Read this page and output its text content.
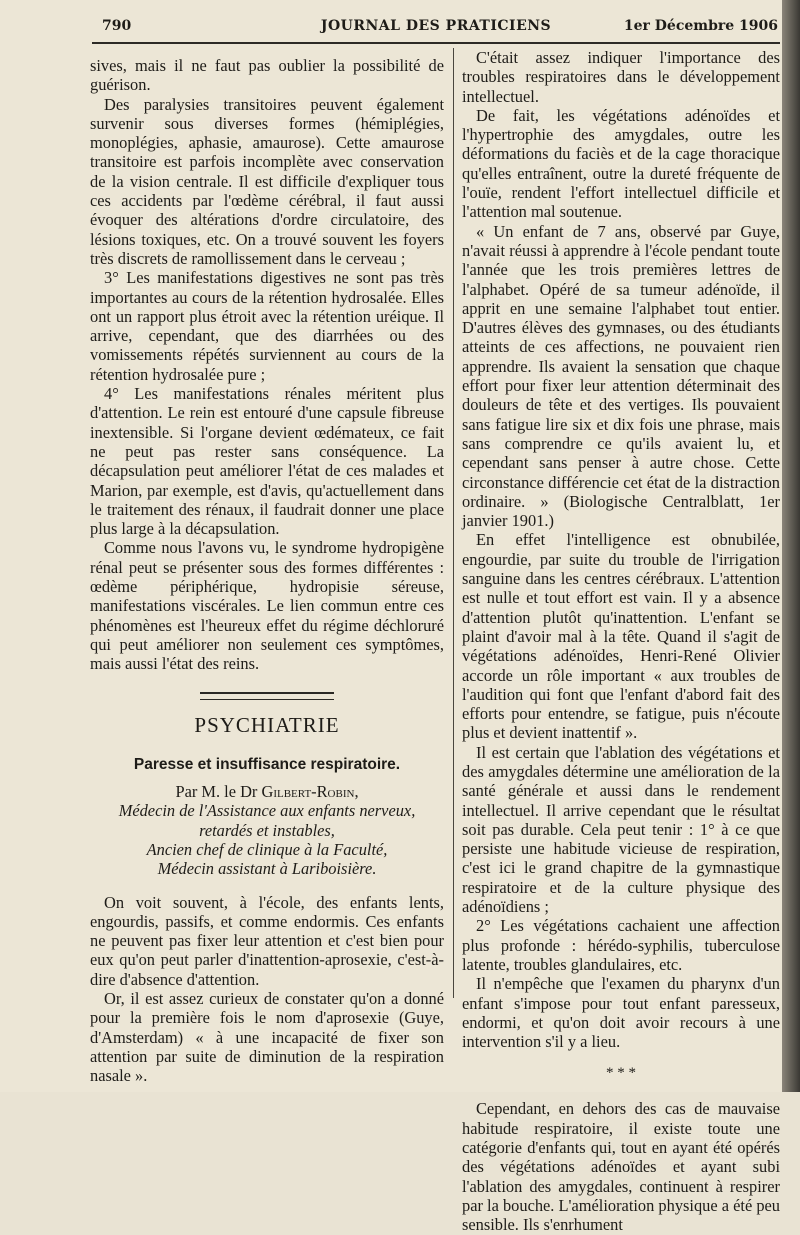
790	JOURNAL DES PRATICIENS	1er Décembre 1906

sives, mais il ne faut pas oublier la possibilité de guérison.

Des paralysies transitoires peuvent également survenir sous diverses formes (hémiplégies, monoplégies, aphasie, amaurose). Cette amaurose transitoire est parfois incomplète avec conservation de la vision centrale. Il est difficile d'expliquer tous ces accidents par l'œdème cérébral, il faut aussi évoquer des altérations d'ordre circulatoire, des lésions toxiques, etc. On a trouvé souvent les foyers très discrets de ramollissement dans le cerveau ;

3° Les manifestations digestives ne sont pas très importantes au cours de la rétention hydrosalée. Elles ont un rapport plus étroit avec la rétention uréique. Il arrive, cependant, que des diarrhées ou des vomissements répétés surviennent au cours de la rétention hydrosalée pure ;

4° Les manifestations rénales méritent plus d'attention. Le rein est entouré d'une capsule fibreuse inextensible. Si l'organe devient œdémateux, ce fait ne peut pas rester sans conséquence. La décapsulation peut améliorer l'état de ces malades et Marion, par exemple, est d'avis, qu'actuellement dans le traitement des rénaux, il faudrait donner une place plus large à la décapsulation.

Comme nous l'avons vu, le syndrome hydropigène rénal peut se présenter sous des formes différentes : œdème périphérique, hydropisie séreuse, manifestations viscérales. Le lien commun entre ces phénomènes est l'heureux effet du régime déchloruré qui peut améliorer non seulement ces symptômes, mais aussi l'état des reins.

PSYCHIATRIE
Paresse et insuffisance respiratoire.
Par M. le Dr Gilbert-Robin,
Médecin de l'Assistance aux enfants nerveux,
retardés et instables,
Ancien chef de clinique à la Faculté,
Médecin assistant à Lariboisière.

On voit souvent, à l'école, des enfants lents, engourdis, passifs, et comme endormis. Ces enfants ne peuvent pas fixer leur attention et c'est bien pour eux qu'on peut parler d'inattention-aprosexie, c'est-à-dire d'absence d'attention.

Or, il est assez curieux de constater qu'on a donné pour la première fois le nom d'aprosexie (Guye, d'Amsterdam) « à une incapacité de fixer son attention par suite de diminution de la respiration nasale ».

C'était assez indiquer l'importance des troubles respiratoires dans le développement intellectuel.

De fait, les végétations adénoïdes et l'hypertrophie des amygdales, outre les déformations du faciès et de la cage thoracique qu'elles entraînent, outre la dureté fréquente de l'ouïe, rendent l'effort intellectuel difficile et l'attention mal soutenue.

« Un enfant de 7 ans, observé par Guye, n'avait réussi à apprendre à l'école pendant toute l'année que les trois premières lettres de l'alphabet. Opéré de sa tumeur adénoïde, il apprit en une semaine l'alphabet tout entier. D'autres élèves des gymnases, ou des étudiants atteints de ces affections, ne pouvaient rien apprendre. Ils avaient la sensation que chaque effort pour fixer leur attention déterminait des douleurs de tête et des vertiges. Ils pouvaient sans fatigue lire six et dix fois une phrase, mais sans comprendre ce qu'ils avaient lu, et cependant sans penser à autre chose. Cette circonstance différencie cet état de la distraction ordinaire. » (Biologische Centralblatt, 1er janvier 1901.)

En effet l'intelligence est obnubilée, engourdie, par suite du trouble de l'irrigation sanguine dans les centres cérébraux. L'attention est nulle et tout effort est vain. Il y a absence d'attention plutôt qu'inattention. L'enfant se plaint d'avoir mal à la tête. Quand il s'agit de végétations adénoïdes, Henri-René Olivier accorde un rôle important « aux troubles de l'audition qui font que l'enfant d'abord fait des efforts pour entendre, se fatigue, puis n'écoute plus et devient inattentif ».

Il est certain que l'ablation des végétations et des amygdales détermine une amélioration de la santé générale et aussi dans le rendement intellectuel. Il arrive cependant que le résultat soit pas durable. Cela peut tenir : 1° à ce que persiste une habitude vicieuse de respiration, c'est ici le grand chapitre de la gymnastique respiratoire et de la culture physique des adénoïdiens ;

2° Les végétations cachaient une affection plus profonde : hérédo-syphilis, tuberculose latente, troubles glandulaires, etc.

Il n'empêche que l'examen du pharynx d'un enfant s'impose pour tout enfant paresseux, endormi, et qu'on doit avoir recours à une intervention s'il y a lieu.

* * *

Cependant, en dehors des cas de mauvaise habitude respiratoire, il existe toute une catégorie d'enfants qui, tout en ayant été opérés des végétations adénoïdes et ayant subi l'ablation des amygdales, continuent à respirer par la bouche. L'amélioration physique a été peu sensible. Ils s'enrhument
